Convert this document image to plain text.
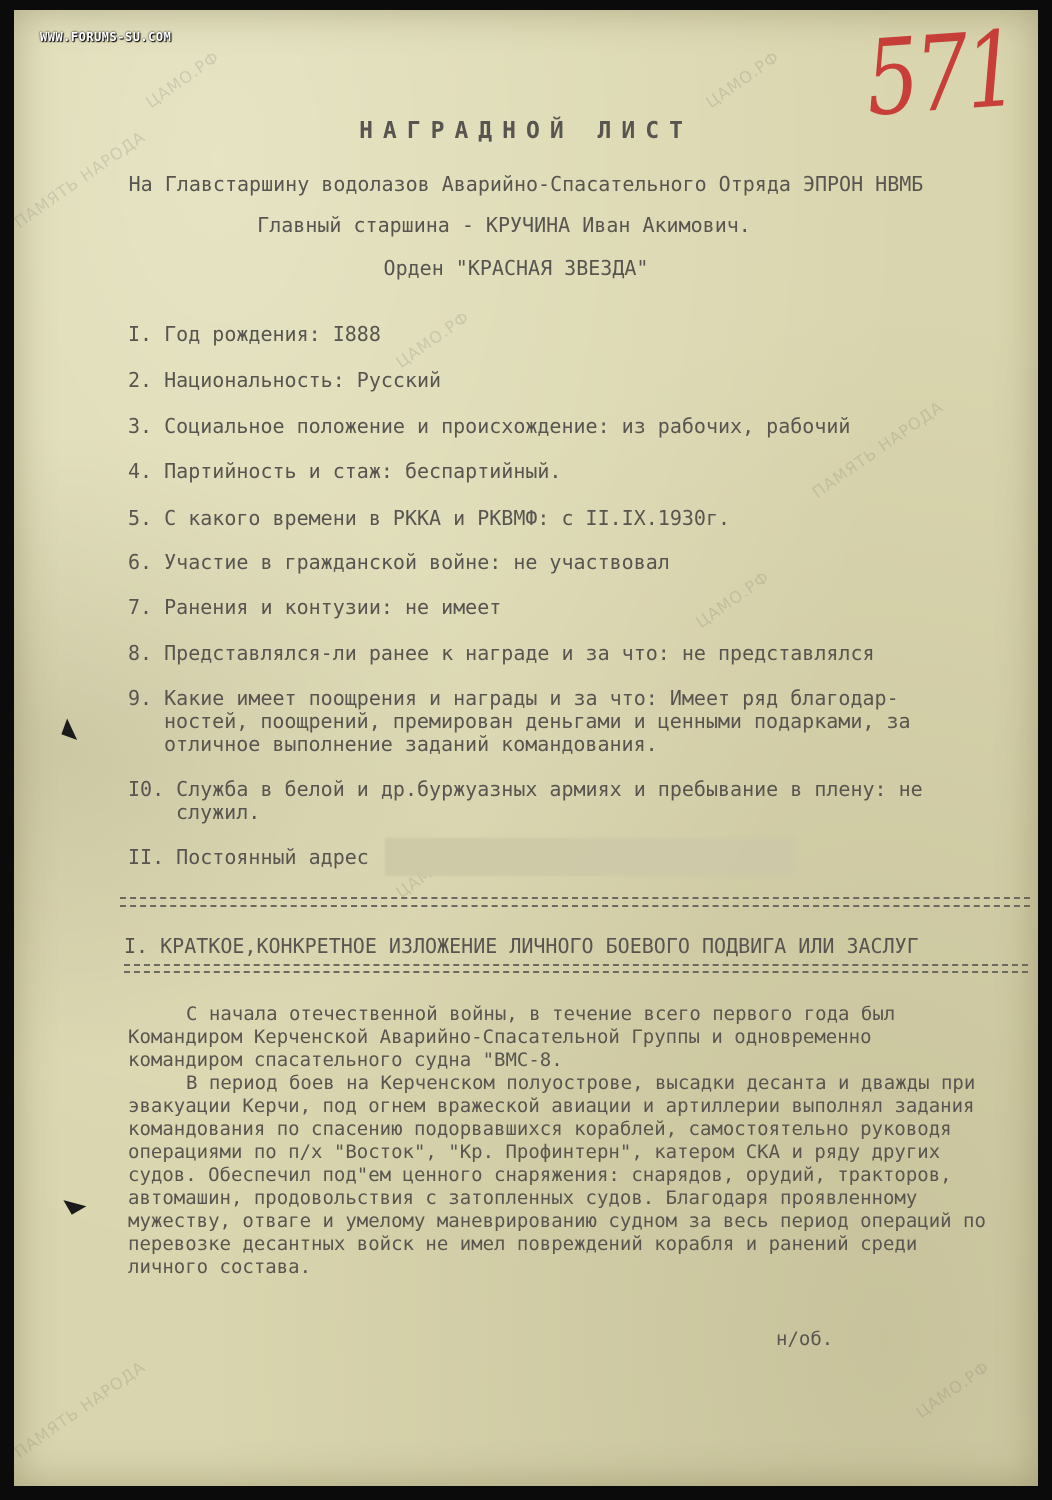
WWW.FORUMS-SU.COM	571
ПАМЯТЬ НАРОДА
ЦАМО.РФ	ЦАМО.РФ
ЦАМО.РФ
ПАМЯТЬ НАРОДА
ЦАМО.РФ
ЦАМО.РФ
ПАМЯТЬ НАРОДА
НАГРАДНОЙ ЛИСТ
На Главстаршину водолазов Аварийно-Спасательного Отряда ЭПРОН НВМБ
Главный старшина - КРУЧИНА Иван Акимович.
Орден "КРАСНАЯ ЗВЕЗДА"
I. Год рождения: I888
2. Национальность: Русский
3. Социальное положение и происхождение: из рабочих, рабочий
4. Партийность и стаж: беспартийный.
5. С какого времени в РККА и РКВМФ: с II.IX.1930г.
6. Участие в гражданской войне: не участвовал
7. Ранения и контузии: не имеет
8. Представлялся-ли ранее к награде и за что: не представлялся
9. Какие имеет поощрения и награды и за что: Имеет ряд благодар-
ностей, поощрений, премирован деньгами и ценными подарками, за
отличное выполнение заданий командования.
I0. Служба в белой и др.буржуазных армиях и пребывание в плену: не
служил.
II. Постоянный адрес
I. КРАТКОЕ,КОНКРЕТНОЕ ИЗЛОЖЕНИЕ ЛИЧНОГО БОЕВОГО ПОДВИГА ИЛИ ЗАСЛУГ
С начала отечественной войны, в течение всего первого года был Командиром Керченской Аварийно-Спасательной Группы и одновременно командиром спасательного судна "ВМС-8.
В период боев на Керченском полуострове, высадки десанта и дважды при эвакуации Керчи, под огнем вражеской авиации и артиллерии выполнял задания командования по спасению подорвавшихся кораблей, самостоятельно руководя операциями по п/х "Восток", "Кр. Профинтерн", катером СКА и ряду других судов. Обеспечил под"ем ценного снаряжения: снарядов, орудий, тракторов, автомашин, продовольствия с затопленных судов. Благодаря проявленному мужеству, отваге и умелому маневрированию судном за весь период операций по перевозке десантных войск не имел повреждений корабля и ранений среди личного состава.
н/об.
◣
◣
